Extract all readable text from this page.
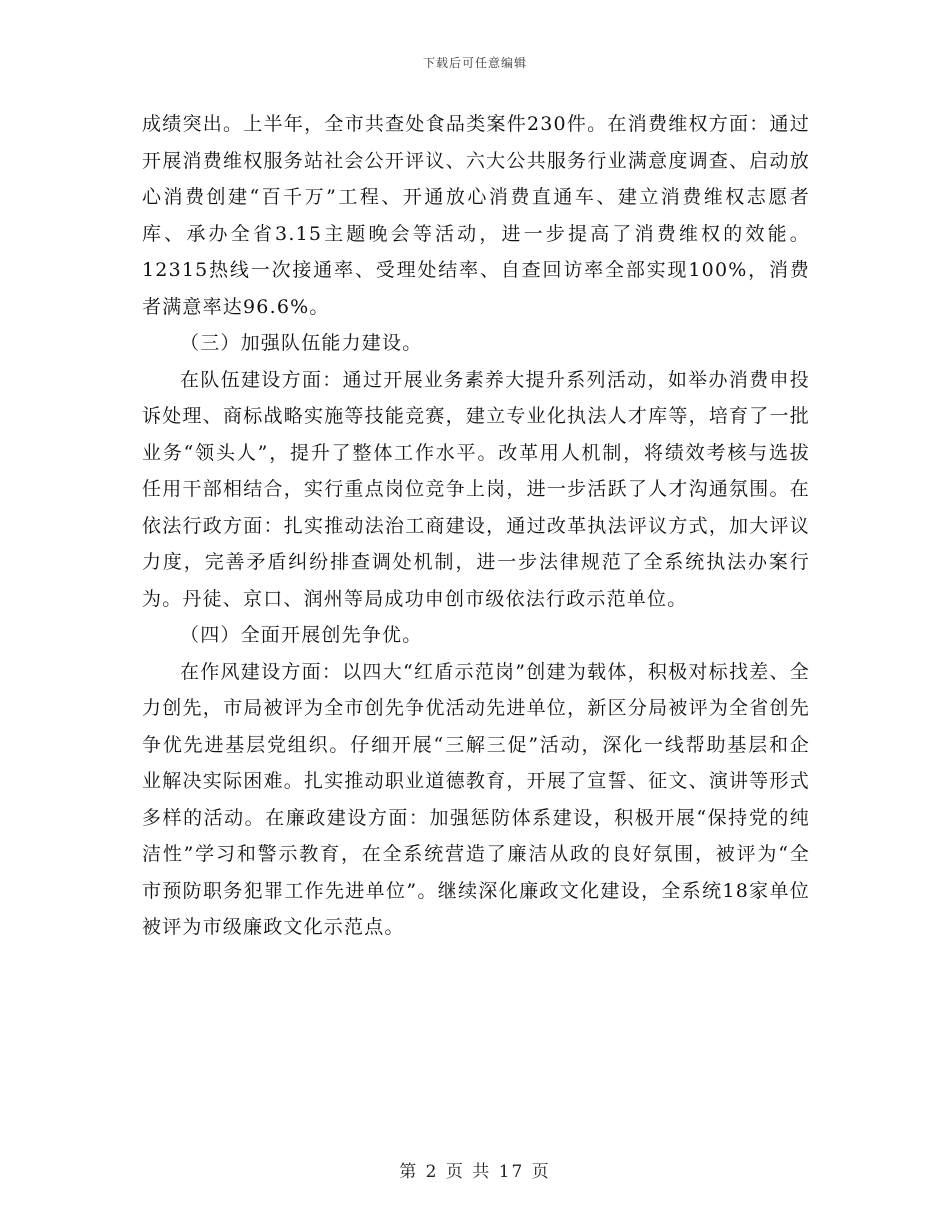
下载后可任意编辑

成绩突出。上半年，全市共查处食品类案件230件。在消费维权方面：通过开展消费维权服务站社会公开评议、六大公共服务行业满意度调查、启动放心消费创建“百千万”工程、开通放心消费直通车、建立消费维权志愿者库、承办全省3.15主题晚会等活动，进一步提高了消费维权的效能。12315热线一次接通率、受理处结率、自查回访率全部实现100%，消费者满意率达96.6%。

（三）加强队伍能力建设。

在队伍建设方面：通过开展业务素养大提升系列活动，如举办消费申投诉处理、商标战略实施等技能竞赛，建立专业化执法人才库等，培育了一批业务“领头人”，提升了整体工作水平。改革用人机制，将绩效考核与选拔任用干部相结合，实行重点岗位竞争上岗，进一步活跃了人才沟通氛围。在依法行政方面：扎实推动法治工商建设，通过改革执法评议方式，加大评议力度，完善矛盾纠纷排查调处机制，进一步法律规范了全系统执法办案行为。丹徒、京口、润州等局成功申创市级依法行政示范单位。

（四）全面开展创先争优。

在作风建设方面：以四大“红盾示范岗”创建为载体，积极对标找差、全力创先，市局被评为全市创先争优活动先进单位，新区分局被评为全省创先争优先进基层党组织。仔细开展“三解三促”活动，深化一线帮助基层和企业解决实际困难。扎实推动职业道德教育，开展了宣誓、征文、演讲等形式多样的活动。在廉政建设方面：加强惩防体系建设，积极开展“保持党的纯洁性”学习和警示教育，在全系统营造了廉洁从政的良好氛围，被评为“全市预防职务犯罪工作先进单位”。继续深化廉政文化建设，全系统18家单位被评为市级廉政文化示范点。

第 2 页 共 17 页
